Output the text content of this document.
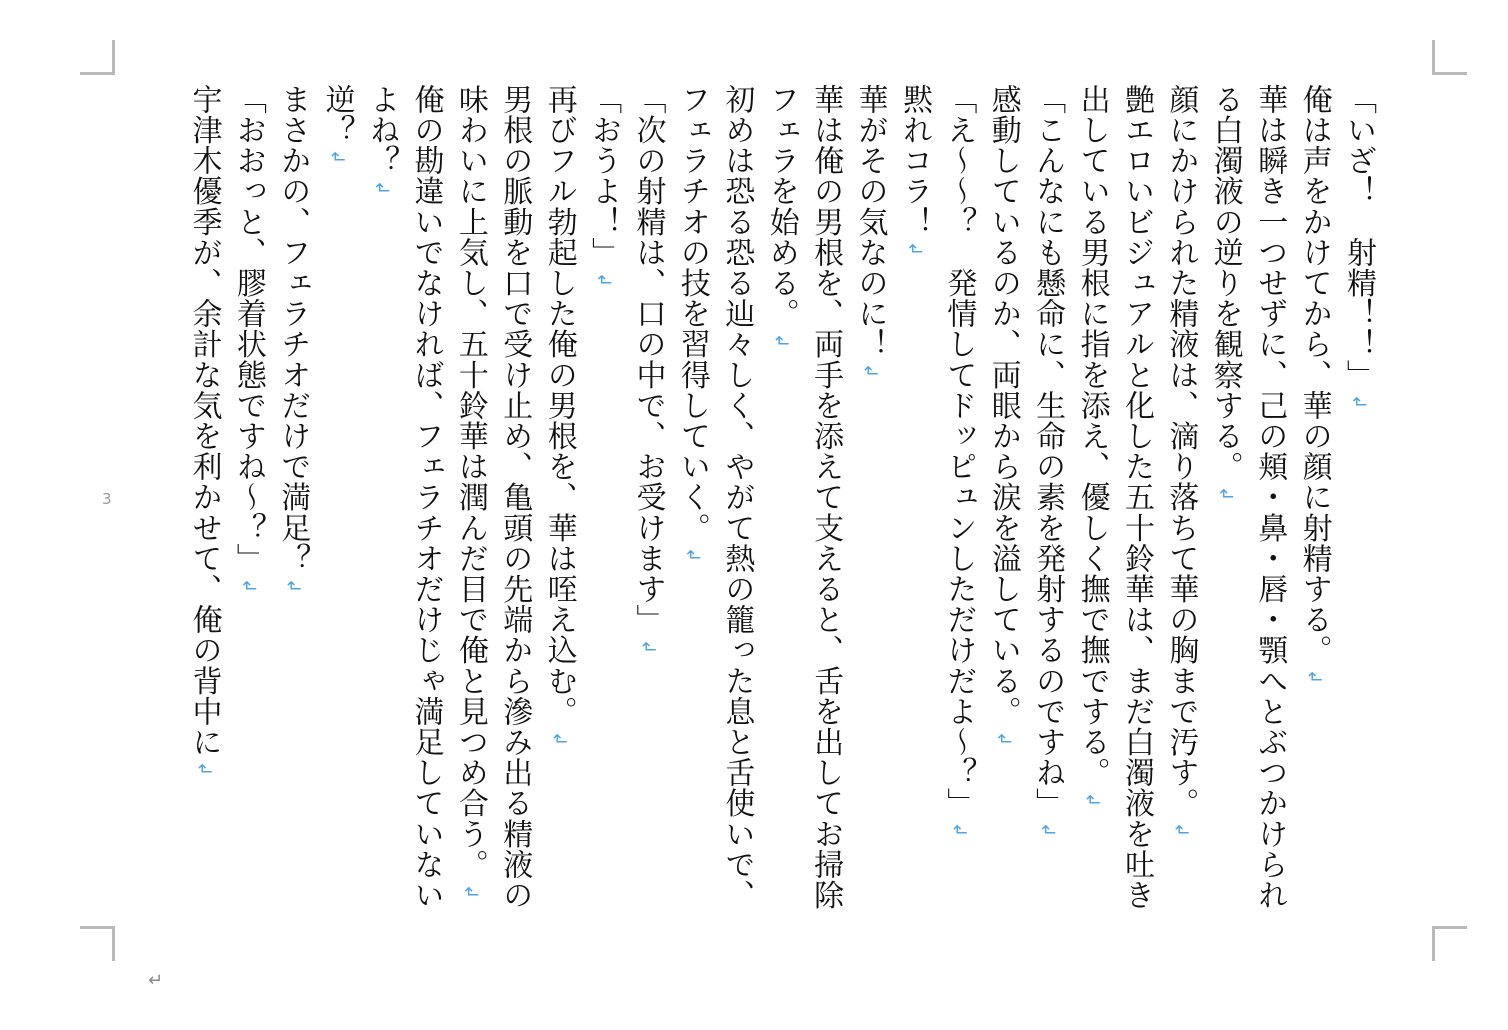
「いざ！　射精！！」 ↲

俺は声をかけてから、華の顔に射精する。 ↲

華は瞬き一つせずに、己の頬・鼻・唇・顎へとぶつかけられる白濁液の逆りを観察する。 ↲

顔にかけられた精液は、滴り落ちて華の胸まで汚す。 ↲

艶エロいビジュアルと化した五十鈴華は、まだ白濁液を吐き出している男根に指を添え、優しく撫で撫でする。 ↲

「こんなにも懸命に、生命の素を発射するのですね」 ↲

感動しているのか、両眼から涙を溢している。 ↲

「え～～？　発情してドッピュンしただけだよ～？」 ↲

黙れコラ！ ↲

華がその気なのに！ ↲

華は俺の男根を、両手を添えて支えると、舌を出してお掃除フェラを始める。 ↲

初めは恐る恐る辿々しく、やがて熱の籠った息と舌使いで、フェラチオの技を習得していく。 ↲

「次の射精は、口の中で、お受けます」 ↲

「おうよ！」 ↲

再びフル勃起した俺の男根を、華は咥え込む。 ↲

男根の脈動を口で受け止め、亀頭の先端から滲み出る精液の味わいに上気し、五十鈴華は潤んだ目で俺と見つめ合う。 ↲

俺の勘違いでなければ、フェラチオだけじゃ満足していないよね？ ↲

逆？ ↲

まさかの、フェラチオだけで満足？ ↲

「おおっと、膠着状態ですね～？」 ↲

宇津木優季が、余計な気を利かせて、俺の背中に ↲

3
↵
